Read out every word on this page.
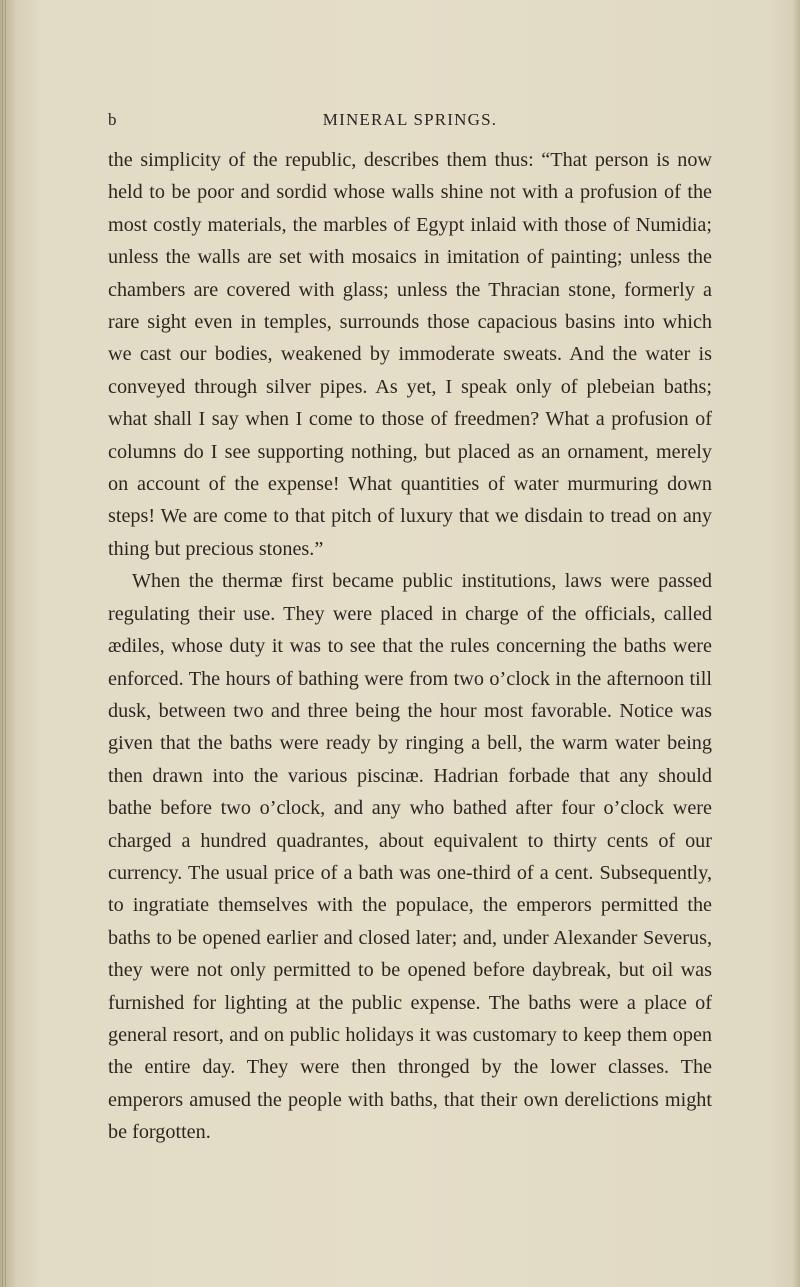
b	MINERAL SPRINGS.

the simplicity of the republic, describes them thus: “That person is now held to be poor and sordid whose walls shine not with a profusion of the most costly materials, the marbles of Egypt inlaid with those of Numidia; unless the walls are set with mosaics in imitation of painting; unless the chambers are covered with glass; unless the Thracian stone, formerly a rare sight even in temples, surrounds those capacious basins into which we cast our bodies, weakened by immoderate sweats. And the water is conveyed through silver pipes. As yet, I speak only of plebeian baths; what shall I say when I come to those of freedmen? What a profusion of columns do I see supporting nothing, but placed as an ornament, merely on account of the expense! What quantities of water murmuring down steps! We are come to that pitch of luxury that we disdain to tread on any thing but precious stones.”

When the thermæ first became public institutions, laws were passed regulating their use. They were placed in charge of the officials, called ædiles, whose duty it was to see that the rules concerning the baths were enforced. The hours of bathing were from two o’clock in the afternoon till dusk, between two and three being the hour most favorable. Notice was given that the baths were ready by ringing a bell, the warm water being then drawn into the various piscinæ. Hadrian forbade that any should bathe before two o’clock, and any who bathed after four o’clock were charged a hundred quadrantes, about equivalent to thirty cents of our currency. The usual price of a bath was one-third of a cent. Subsequently, to ingratiate themselves with the populace, the emperors permitted the baths to be opened earlier and closed later; and, under Alexander Severus, they were not only permitted to be opened before daybreak, but oil was furnished for lighting at the public expense. The baths were a place of general resort, and on public holidays it was customary to keep them open the entire day. They were then thronged by the lower classes. The emperors amused the people with baths, that their own derelictions might be forgotten.
